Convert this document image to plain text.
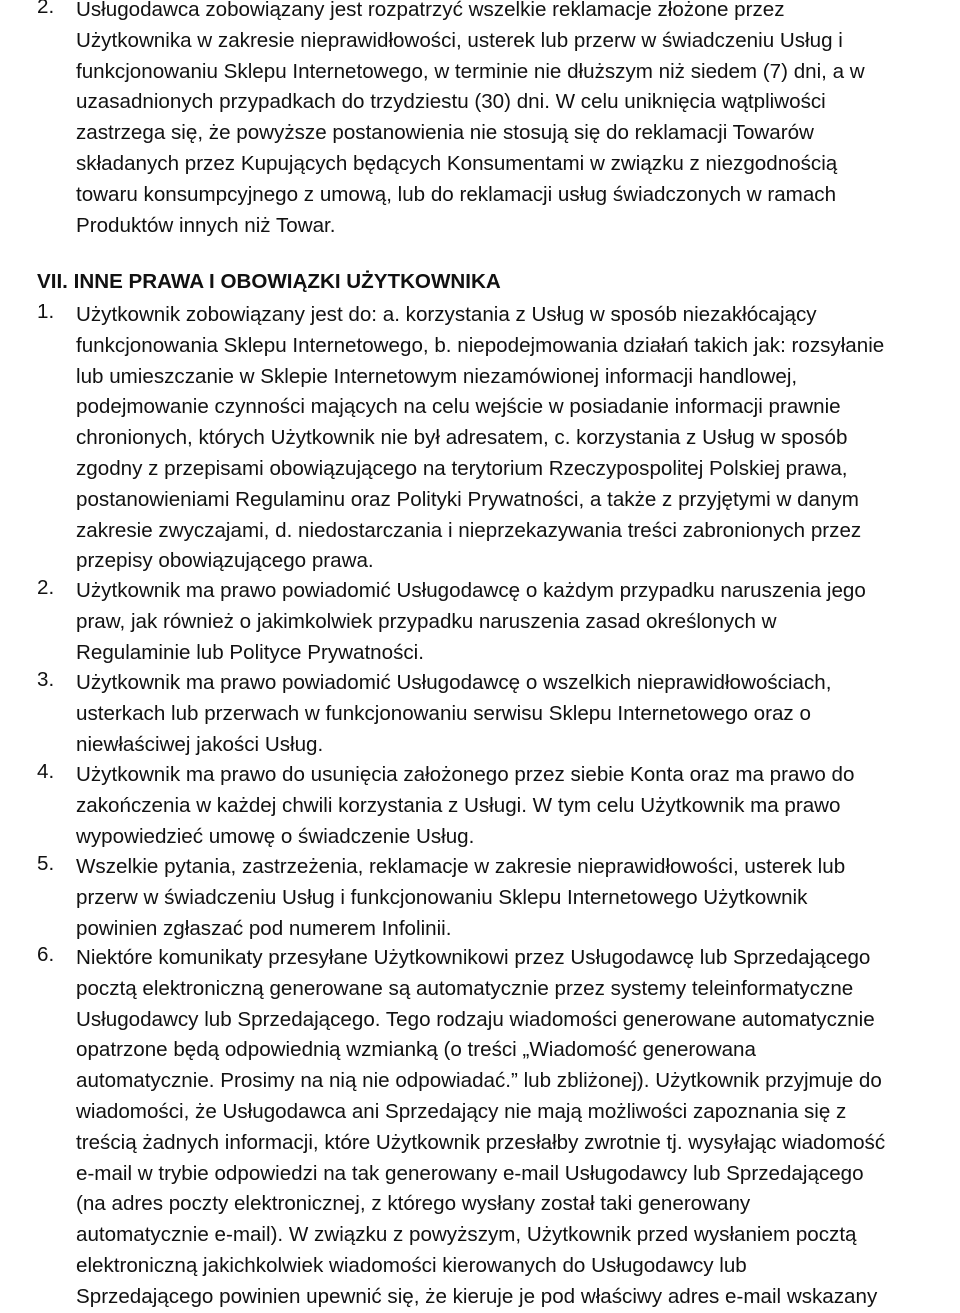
2. Usługodawca zobowiązany jest rozpatrzyć wszelkie reklamacje złożone przez
Użytkownika w zakresie nieprawidłowości, usterek lub przerw w świadczeniu Usług i
funkcjonowaniu Sklepu Internetowego, w terminie nie dłuższym niż siedem (7) dni, a w
uzasadnionych przypadkach do trzydziestu (30) dni. W celu uniknięcia wątpliwości
zastrzega się, że powyższe postanowienia nie stosują się do reklamacji Towarów
składanych przez Kupujących będących Konsumentami w związku z niezgodnością
towaru konsumpcyjnego z umową, lub do reklamacji usług świadczonych w ramach
Produktów innych niż Towar.
VII. INNE PRAWA I OBOWIĄZKI UŻYTKOWNIKA
1. Użytkownik zobowiązany jest do: a. korzystania z Usług w sposób niezakłócający
funkcjonowania Sklepu Internetowego, b. niepodejmowania działań takich jak: rozsyłanie
lub umieszczanie w Sklepie Internetowym niezamówionej informacji handlowej,
podejmowanie czynności mających na celu wejście w posiadanie informacji prawnie
chronionych, których Użytkownik nie był adresatem, c. korzystania z Usług w sposób
zgodny z przepisami obowiązującego na terytorium Rzeczypospolitej Polskiej prawa,
postanowieniami Regulaminu oraz Polityki Prywatności, a także z przyjętymi w danym
zakresie zwyczajami, d. niedostarczania i nieprzekazywania treści zabronionych przez
przepisy obowiązującego prawa.
2. Użytkownik ma prawo powiadomić Usługodawcę o każdym przypadku naruszenia jego
praw, jak również o jakimkolwiek przypadku naruszenia zasad określonych w
Regulaminie lub Polityce Prywatności.
3. Użytkownik ma prawo powiadomić Usługodawcę o wszelkich nieprawidłowościach,
usterkach lub przerwach w funkcjonowaniu serwisu Sklepu Internetowego oraz o
niewłaściwej jakości Usług.
4. Użytkownik ma prawo do usunięcia założonego przez siebie Konta oraz ma prawo do
zakończenia w każdej chwili korzystania z Usługi. W tym celu Użytkownik ma prawo
wypowiedzieć umowę o świadczenie Usług.
5. Wszelkie pytania, zastrzeżenia, reklamacje w zakresie nieprawidłowości, usterek lub
przerw w świadczeniu Usług i funkcjonowaniu Sklepu Internetowego Użytkownik
powinien zgłaszać pod numerem Infolinii.
6. Niektóre komunikaty przesyłane Użytkownikowi przez Usługodawcę lub Sprzedającego
pocztą elektroniczną generowane są automatycznie przez systemy teleinformatyczne
Usługodawcy lub Sprzedającego. Tego rodzaju wiadomości generowane automatycznie
opatrzone będą odpowiednią wzmianką (o treści „Wiadomość generowana
automatycznie. Prosimy na nią nie odpowiadać.” lub zbliżonej). Użytkownik przyjmuje do
wiadomości, że Usługodawca ani Sprzedający nie mają możliwości zapoznania się z
treścią żadnych informacji, które Użytkownik przesłałby zwrotnie tj. wysyłając wiadomość
e-mail w trybie odpowiedzi na tak generowany e-mail Usługodawcy lub Sprzedającego
(na adres poczty elektronicznej, z którego wysłany został taki generowany
automatycznie e-mail). W związku z powyższym, Użytkownik przed wysłaniem pocztą
elektroniczną jakichkolwiek wiadomości kierowanych do Usługodawcy lub
Sprzedającego powinien upewnić się, że kieruje je pod właściwy adres e-mail wskazany
